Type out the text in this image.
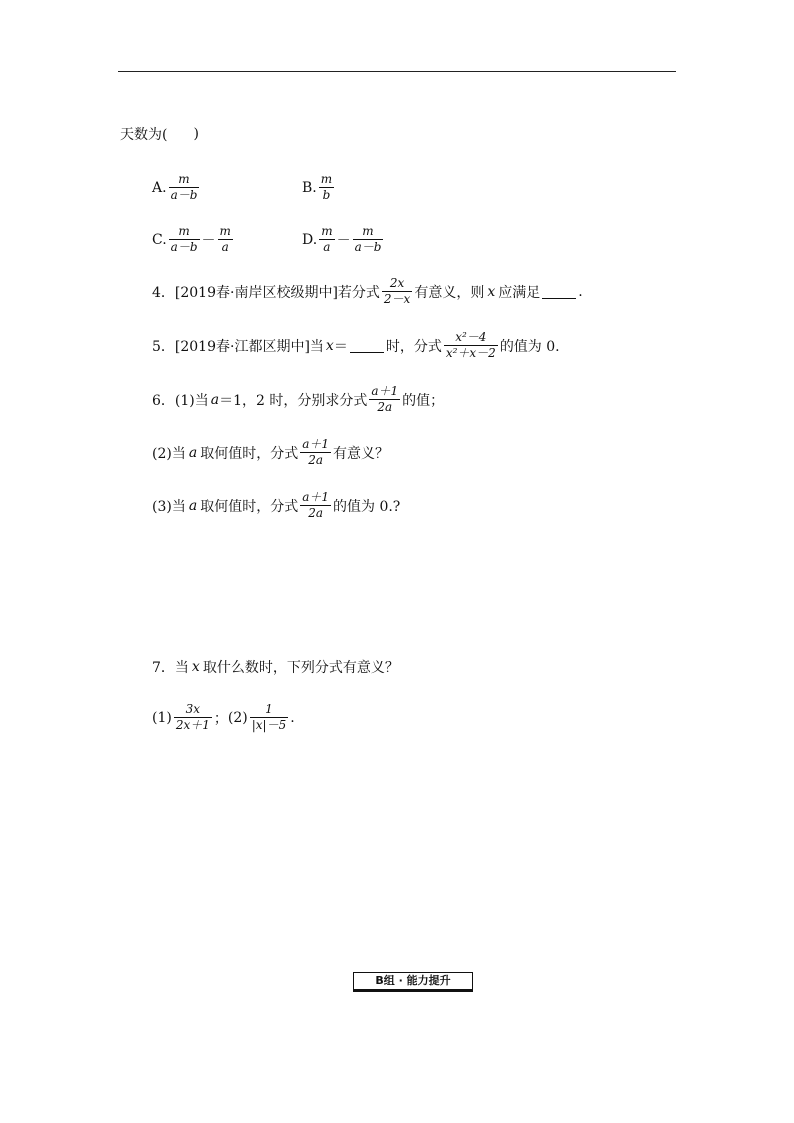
天数为( )
A. $\frac{m}{a-b}$	B. $\frac{m}{b}$
C. $\frac{m}{a-b} - \frac{m}{a}$	D. $\frac{m}{a} - \frac{m}{a-b}$
4．[2019春·南岸区校级期中]若分式 $\frac{2x}{2-x}$ 有意义，则 x 应满足	.
5．[2019春·江都区期中]当 x ＝	时，分式 $\frac{\text{x²－4}}{\text{x²＋x－2}}$ 的值为 0.
6．(1)当 a ＝1，2 时，分别求分式 $\frac{a+1}{2a}$ 的值；
(2)当 a 取何值时，分式 $\frac{a+1}{2a}$ 有意义？
(3)当 a 取何值时，分式 $\frac{a+1}{2a}$ 的值为 0.?
7．当 x 取什么数时，下列分式有意义？
$(1) \frac{3x}{2x+1}$ ； $(2) \frac{1}{|x|-5}$ .
B组 · 能力提升
